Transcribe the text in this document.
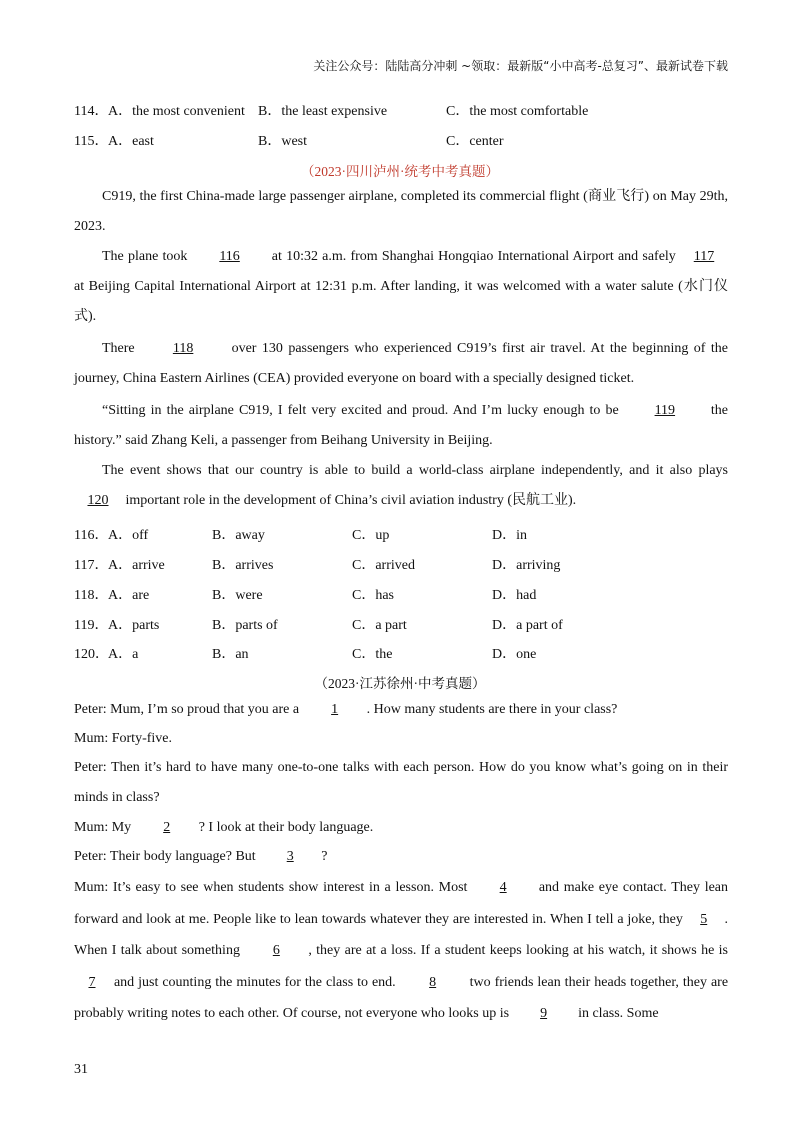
关注公众号：陆陆高分冲刺 ~领取：最新版“小中高考-总复习”、最新试卷下载
114． A．the most convenient B．the least expensive	C．the most comfortable
115． A．east	B．west	C．center
（2023·四川泸州·统考中考真题）
C919, the first China-made large passenger airplane, completed its commercial flight (商业飞行) on May 29th, 2023.
The plane took 116 at 10:32 a.m. from Shanghai Hongqiao International Airport and safely 117 at Beijing Capital International Airport at 12:31 p.m. After landing, it was welcomed with a water salute (水门仪式).
There	118	over 130 passengers who experienced C919’s first air travel. At the beginning of the journey, China Eastern Airlines (CEA) provided everyone on board with a specially designed ticket.
“Sitting in the airplane C919, I felt very excited and proud. And I’m lucky enough to be	119	the history.” said Zhang Keli, a passenger from Beihang University in Beijing.
The event shows that our country is able to build a world-class airplane independently, and it also plays 120 important role in the development of China’s civil aviation industry (民航工业).
116． A．off	B．away	C．up	D．in
117． A．arrive	B．arrives	C．arrived	D．arriving
118． A．are	B．were	C．has	D．had
119． A．parts	B．parts of	C．a part	D．a part of
120． A．a	B．an	C．the	D．one
（2023·江苏徐州·中考真题）
Peter: Mum, I’m so proud that you are a 1 . How many students are there in your class?
Mum: Forty-five.
Peter: Then it’s hard to have many one-to-one talks with each person. How do you know what’s going on in their minds in class?
Mum: My 2 ? I look at their body language.
Peter: Their body language? But 3 ?
Mum: It’s easy to see when students show interest in a lesson. Most 4 and make eye contact. They lean forward and look at me. People like to lean towards whatever they are interested in. When I tell a joke, they 5 . When I talk about something 6 , they are at a loss. If a student keeps looking at his watch, it shows he is 7 and just counting the minutes for the class to end. 8 two friends lean their heads together, they are probably writing notes to each other. Of course, not everyone who looks up is 9 in class. Some
31
